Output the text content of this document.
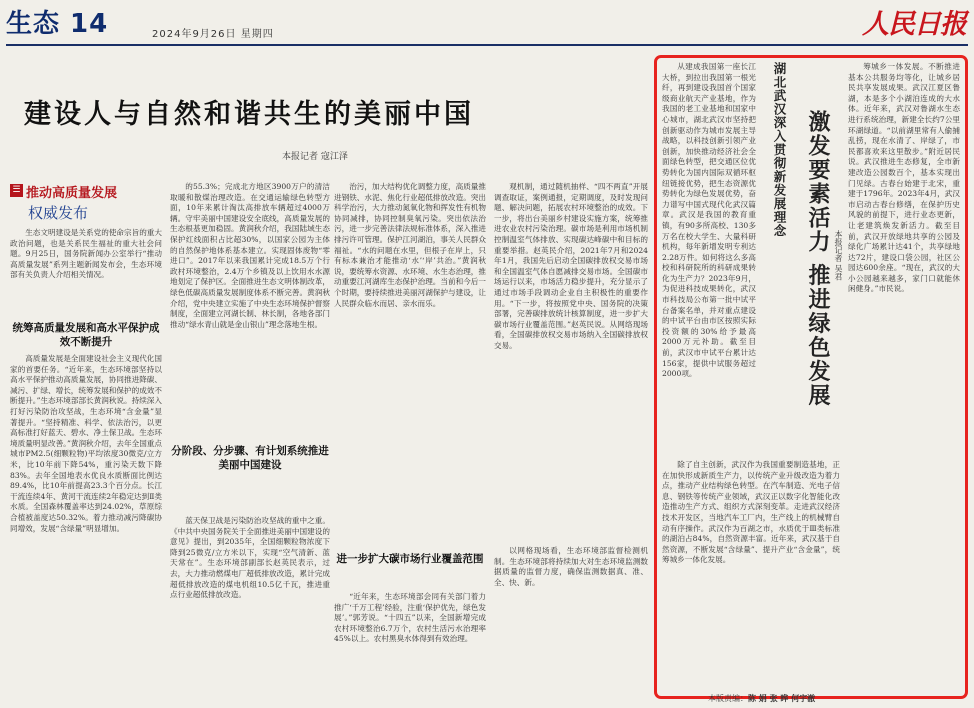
生态 14	2024年9月26日 星期四	人民日报
建设人与自然和谐共生的美丽中国
本报记者 寇江泽
☰ 推动高质量发展
权威发布

生态文明建设是关系党的使命宗旨的重大政治问题，也是关系民生福祉的重大社会问题。9月25日，国务院新闻办公室举行“推动高质量发展”系列主题新闻发布会，生态环境部有关负责人介绍相关情况。

统筹高质量发展和高水平保护成效不断提升

高质量发展是全面建设社会主义现代化国家的首要任务。“近年来，生态环境部坚持以高水平保护推动高质量发展，协同推进降碳、减污、扩绿、增长，统筹发展和保护的成效不断提升。”生态环境部部长黄润秋说。持续深入打好污染防治攻坚战，生态环境“含金量”显著提升。“坚持精准、科学、依法治污，以更高标准打好蓝天、碧水、净土保卫战。生态环境质量明显改善。”黄润秋介绍，去年全国重点城市PM2.5(细颗粒物)平均浓度30微克/立方米，比10年前下降54%，重污染天数下降83%。去年全国地表水优良水质断面比例达89.4%，比10年前提高23.3个百分点。长江干流连续4年、黄河干流连续2年稳定达到Ⅱ类水质。全国森林覆盖率达到24.02%，草原综合植被盖度达50.32%。着力推动减污降碳协同增效，发展“含绿量”明显增加。

的55.3%；完成北方地区3900万户的清洁取暖和散煤治理改造。在交通运输绿色转型方面，10年来累计淘汰高排放车辆超过4000万辆。守牢美丽中国建设安全底线，高质量发展的生态根基更加稳固。黄润秋介绍，我国陆域生态保护红线面积占比超30%，以国家公园为主体的自然保护地体系基本建立。实现固体废物“零进口”。2017年以来我国累计完成18.5万个行政村环境整治，2.4万个乡镇及以上饮用水水源地划定了保护区。全面推进生态文明体制改革，绿色低碳高质量发展制度体系不断完善。黄润秋介绍，党中央建立实施了中央生态环境保护督察制度，全面建立河湖长制、林长制，各地各部门推动“绿水青山就是金山银山”理念落地生根。

分阶段、分步骤、有计划系统推进美丽中国建设

蓝天保卫战是污染防治攻坚战的重中之重。《中共中央国务院关于全面推进美丽中国建设的意见》提出，到2035年，全国细颗粒物浓度下降到25微克/立方米以下，实现“空气清新、蓝天常在”。生态环境部副部长赵英民表示，过去，大力推动燃煤电厂超低排放改造，累计完成超低排放改造的煤电机组10.5亿千瓦，推进重点行业超低排放改造。

治污，加大结构优化调整力度，高质量推进钢铁、水泥、焦化行业超低排放改造。突出科学治污，大力推动氮氧化物和挥发性有机物协同减排，协同控制臭氧污染。突出依法治污，进一步完善法律法规标准体系，深入推进排污许可管理。保护江河湖泊，事关人民群众福祉。“水的问题在水里，但根子在岸上，只有标本兼治才能推动‘水’‘岸’共治。”黄润秋说，要统筹水资源、水环境、水生态治理，推动重要江河湖库生态保护治理。当前和今后一个时期，要持续推进美丽河湖保护与建设，让人民群众临水而居、亲水而乐。

进一步扩大碳市场行业覆盖范围

“近年来，生态环境部会同有关部门着力推广‘千万工程’经验，注重‘保护优先，绿色发展’。”郭芳说。“十四五”以来，全国新增完成农村环境整治6.7万个，农村生活污水治理率45%以上。农村黑臭水体得到有效治理。

观机制，通过随机抽样、“四不两直”开展调查取证，案例通报，定期调度，及时发现问题、解决问题，拓展农村环境整治的成效。下一步，将出台美丽乡村建设实施方案，统筹推进农业农村污染治理。碳市场是利用市场机制控制温室气体排放、实现碳达峰碳中和目标的重要举措。赵英民介绍，2021年7月和2024年1月，我国先后启动全国碳排放权交易市场和全国温室气体自愿减排交易市场。全国碳市场运行以来，市场活力稳步提升，充分显示了通过市场手段调动企业自主积极性的重要作用。“下一步，将按照党中央、国务院的决策部署，完善碳排放统计核算制度，进一步扩大碳市场行业覆盖范围。”赵英民说。从网络现场看，全国碳排放权交易市场纳入全国碳排放权交易。

以网格现场看，生态环境部监督检测机制。生态环境部将持续加大对生态环境监测数据质量的监督力度，确保监测数据真、准、全、快、新。

从建成我国第一座长江大桥，到拉出我国第一根光纤，再到建设我国首个国家级商业航天产业基地，作为我国的老工业基地和国家中心城市，湖北武汉市坚持把创新驱动作为城市发展主导战略，以科技创新引领产业创新，加快推动经济社会全面绿色转型，把交通区位优势转化为国内国际双循环枢纽链接优势，把生态资源优势转化为绿色发展优势，奋力谱写中国式现代化武汉篇章。武汉是我国的教育重镇，有90多所高校、130多万名在校大学生、大量科研机构，每年新增发明专利达2.28万件。如何将这么多高校和科研院所的科研成果转化为生产力？2023年9月，为促进科技成果转化，武汉市科技局公布第一批中试平台备案名单，并对重点建设的中试平台由市区按照实际投资额的30%给予最高2000万元补助。截至目前，武汉市中试平台累计达156家，提供中试服务超过2000项。

湖北武汉深入贯彻新发展理念 激发要素活力 推进绿色发展 本报记者 吴君

除了自主创新，武汉作为我国重要制造基地，正在加快形成新质生产力，以传统产业升级改造为着力点，推动产业结构绿色转型。在汽车制造、光电子信息、钢铁等传统产业领域，武汉正以数字化智能化改造推动生产方式、组织方式深刻变革。走进武汉经济技术开发区，当地汽车工厂内，生产线上的机械臂自动有序操作。武汉作为百湖之市，水质优于Ⅲ类标准的湖泊占84%，自然资源丰富。近年来，武汉基于自然资源，不断发展“含绿量”、提升产业“含金量”，统筹城乡一体化发展。

筹城乡一体发展。不断推进基本公共服务均等化，让城乡居民共享发展成果。武汉江夏区鲁湖，本是多个小湖泊连成的大水体。近年来，武汉对鲁湖水生态进行系统治理，新建全长约7公里环湖绿道。“以前湖里常有人偷捕乱捞，现在水清了、岸绿了，市民都喜欢来这里散步。”附近居民说。武汉推进生态修复，全市新建改造公园数百个，基本实现出门见绿。古春台始建于北宋，重建于1796年。2023年4月，武汉市启动古春台修缮，在保护历史风貌的前提下，进行业态更新，让老建筑焕发新活力。截至目前，武汉开放绿地共享的公园及绿化广场累计达41个，共享绿地达72片，建设口袋公园，社区公园达600余座。“现在，武汉的大小公园越来越多，家门口就能休闲健身。”市民说。

本版责编：陈 娟 张 晔 何宇澈
